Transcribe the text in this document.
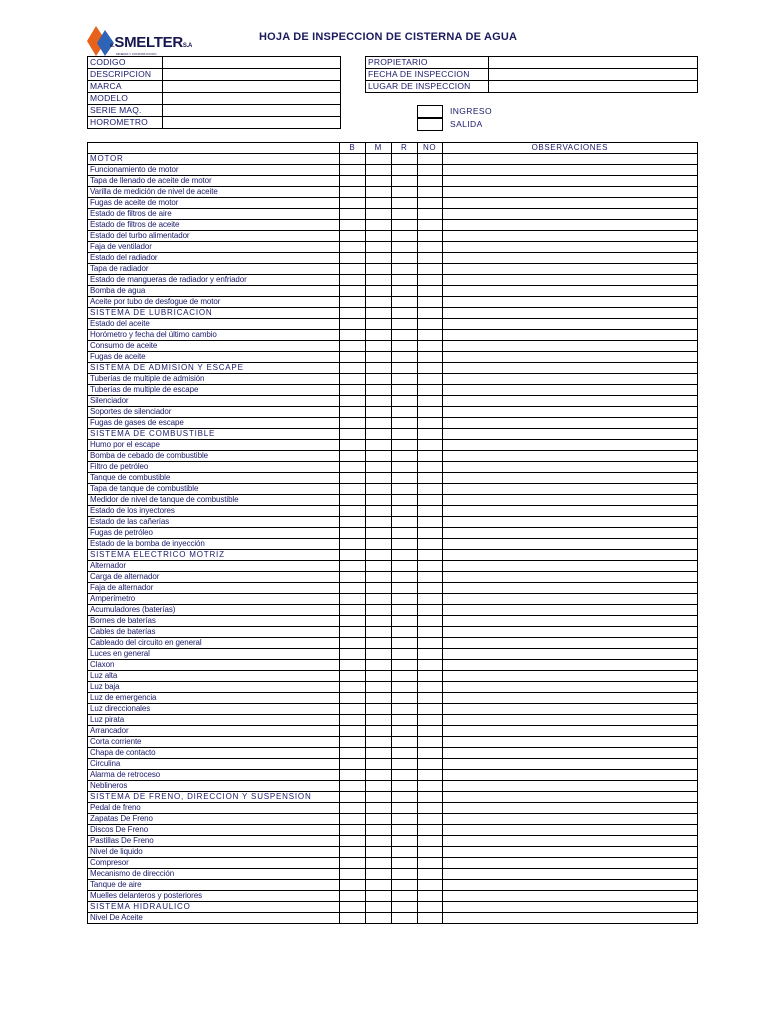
e.SMELTERS.A
MINERIA Y CONSTRUCCION
HOJA DE INSPECCION DE CISTERNA DE AGUA
CODIGO	
DESCRIPCION	
MARCA	
MODELO	
SERIE MAQ.	
HOROMETRO	
PROPIETARIO	
FECHA DE INSPECCION	
LUGAR DE INSPECCION	
INGRESO
SALIDA
	B	M	R	NO	OBSERVACIONES
MOTOR					
Funcionamiento de motor					
Tapa de llenado de aceite de motor					
Varilla de medición de nivel de aceite					
Fugas de aceite de motor					
Estado de filtros de aire					
Estado de filtros de aceite					
Estado del turbo alimentador					
Faja de ventilador					
Estado del radiador					
Tapa de radiador					
Estado de mangueras de radiador y enfriador					
Bomba de agua					
Aceite por tubo de desfogue de motor					
SISTEMA DE LUBRICACION					
Estado del aceite					
Horómetro y fecha del último cambio					
Consumo de aceite					
Fugas de aceite					
SISTEMA DE ADMISION Y ESCAPE					
Tuberías de multiple de admisión					
Tuberías de multiple de escape					
Silenciador					
Soportes de silenciador					
Fugas de gases de escape					
SISTEMA DE COMBUSTIBLE					
Humo por el escape					
Bomba de cebado de combustible					
Filtro de petróleo					
Tanque de combustible					
Tapa de tanque de combustible					
Medidor de nivel de tanque de combustible					
Estado de los inyectores					
Estado de las cañerías					
Fugas de petróleo					
Estado de la bomba de inyección					
SISTEMA ELECTRICO MOTRIZ					
Alternador					
Carga de alternador					
Faja de alternador					
Amperímetro					
Acumuladores (baterías)					
Bornes de baterías					
Cables de baterías					
Cableado del circuito en general					
Luces en general					
Claxon					
Luz alta					
Luz baja					
Luz de emergencia					
Luz direccionales					
Luz pirata					
Arrancador					
Corta corriente					
Chapa de contacto					
Circulina					
Alarma de retroceso					
Neblineros					
SISTEMA DE FRENO, DIRECCION Y SUSPENSION					
Pedal de freno					
Zapatas De Freno					
Discos De Freno					
Pastillas De Freno					
Nivel de liquido					
Compresor					
Mecanismo de dirección					
Tanque de aire					
Muelles delanteros y posteriores					
SISTEMA HIDRAULICO					
Nivel De Aceite					
